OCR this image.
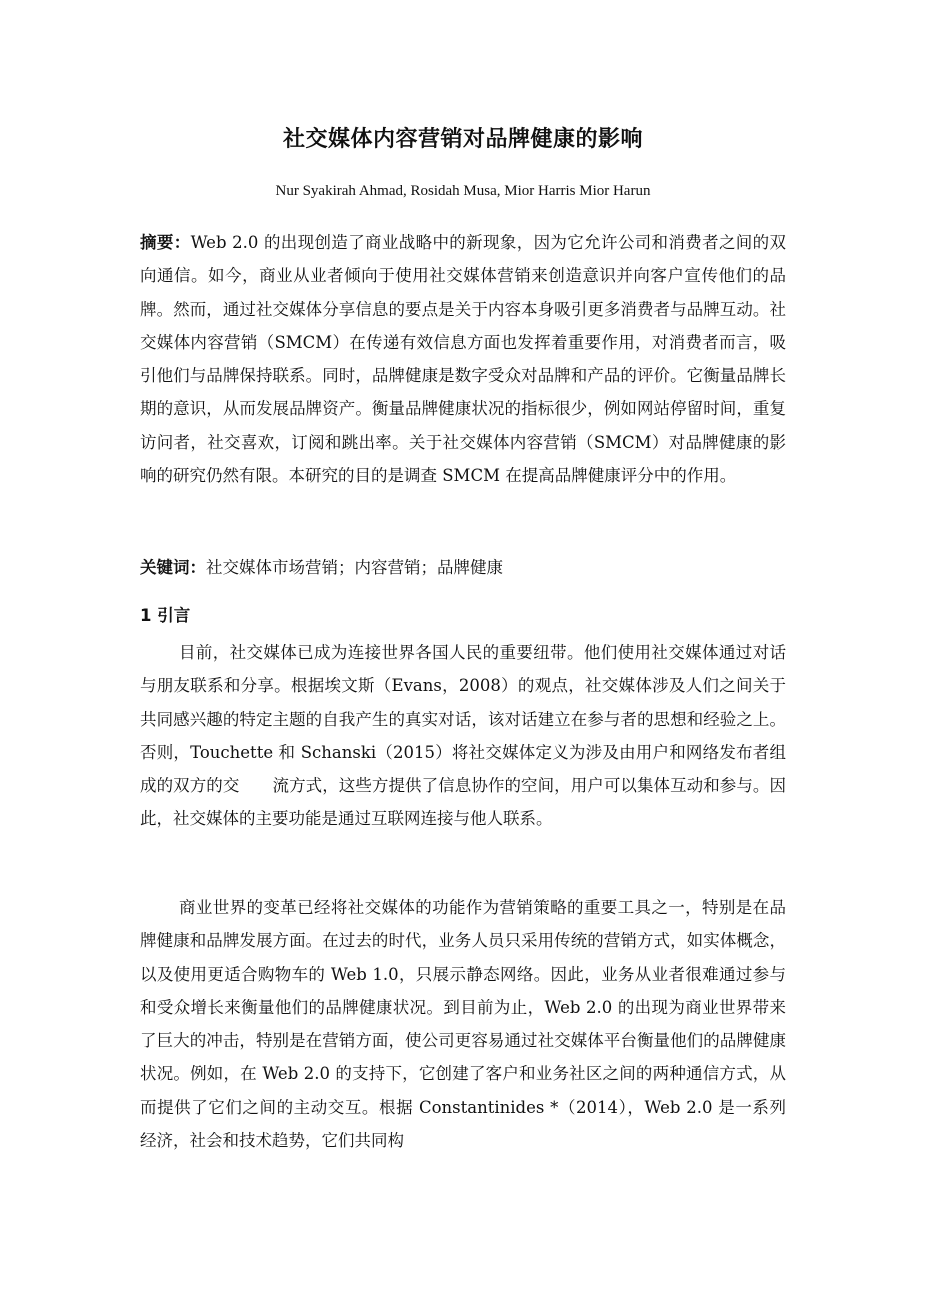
社交媒体内容营销对品牌健康的影响
Nur Syakirah Ahmad, Rosidah Musa, Mior Harris Mior Harun
摘要：Web 2.0 的出现创造了商业战略中的新现象，因为它允许公司和消费者之间的双向通信。如今，商业从业者倾向于使用社交媒体营销来创造意识并向客户宣传他们的品牌。然而，通过社交媒体分享信息的要点是关于内容本身吸引更多消费者与品牌互动。社交媒体内容营销（SMCM）在传递有效信息方面也发挥着重要作用，对消费者而言，吸引他们与品牌保持联系。同时，品牌健康是数字受众对品牌和产品的评价。它衡量品牌长期的意识，从而发展品牌资产。衡量品牌健康状况的指标很少，例如网站停留时间，重复访问者，社交喜欢，订阅和跳出率。关于社交媒体内容营销（SMCM）对品牌健康的影响的研究仍然有限。本研究的目的是调查 SMCM 在提高品牌健康评分中的作用。
关键词：社交媒体市场营销；内容营销；品牌健康
1 引言
目前，社交媒体已成为连接世界各国人民的重要纽带。他们使用社交媒体通过对话与朋友联系和分享。根据埃文斯（Evans，2008）的观点，社交媒体涉及人们之间关于共同感兴趣的特定主题的自我产生的真实对话，该对话建立在参与者的思想和经验之上。否则，Touchette 和 Schanski（2015）将社交媒体定义为涉及由用户和网络发布者组成的双方的交　　流方式，这些方提供了信息协作的空间，用户可以集体互动和参与。因此，社交媒体的主要功能是通过互联网连接与他人联系。
商业世界的变革已经将社交媒体的功能作为营销策略的重要工具之一，特别是在品牌健康和品牌发展方面。在过去的时代，业务人员只采用传统的营销方式，如实体概念，以及使用更适合购物车的 Web 1.0，只展示静态网络。因此，业务从业者很难通过参与和受众增长来衡量他们的品牌健康状况。到目前为止，Web 2.0 的出现为商业世界带来了巨大的冲击，特别是在营销方面，使公司更容易通过社交媒体平台衡量他们的品牌健康状况。例如，在 Web 2.0 的支持下，它创建了客户和业务社区之间的两种通信方式，从而提供了它们之间的主动交互。根据 Constantinides *（2014），Web 2.0 是一系列经济，社会和技术趋势，它们共同构
